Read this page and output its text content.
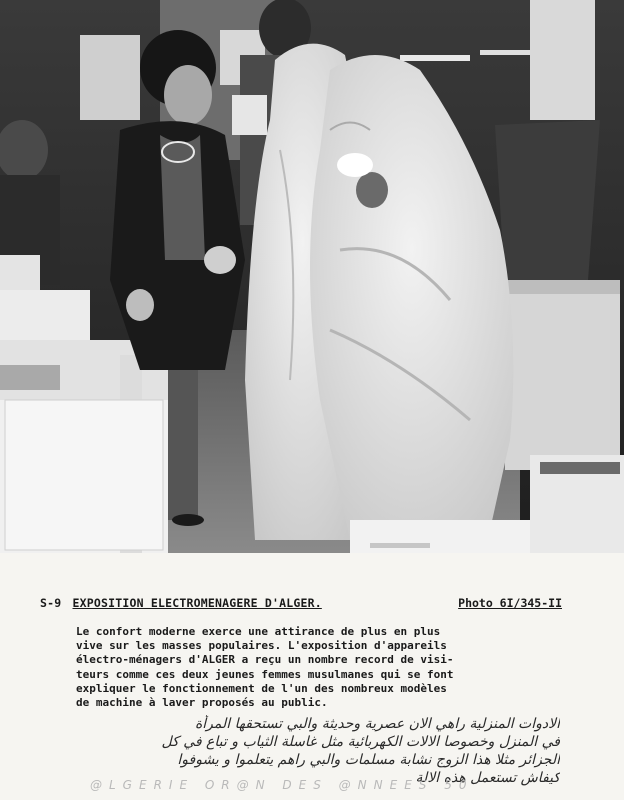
S-9 EXPOSITION ELECTROMENAGERE D'ALGER.	Photo 6I/345-II
Le confort moderne exerce une attirance de plus en plus
vive sur les masses populaires. L'exposition d'appareils
électro-ménagers d'ALGER a reçu un nombre record de visi-
teurs comme ces deux jeunes femmes musulmanes qui se font
expliquer le fonctionnement de l'un des nombreux modèles
de machine à laver proposés au public.
الادوات المنزلية راهي الان عصرية وحديثة والبي تستحقها المرأة
في المنزل وخصوصا الالات الكهربائية مثل غاسلة الثياب و تباع في كل
الجزائر مثلا هذا الزوج نشابة مسلمات والبي راهم يتعلموا و يشوفوا
كيفاش تستعمل هذه الالة
@LGERIE OR@N DES @NNEES 50
